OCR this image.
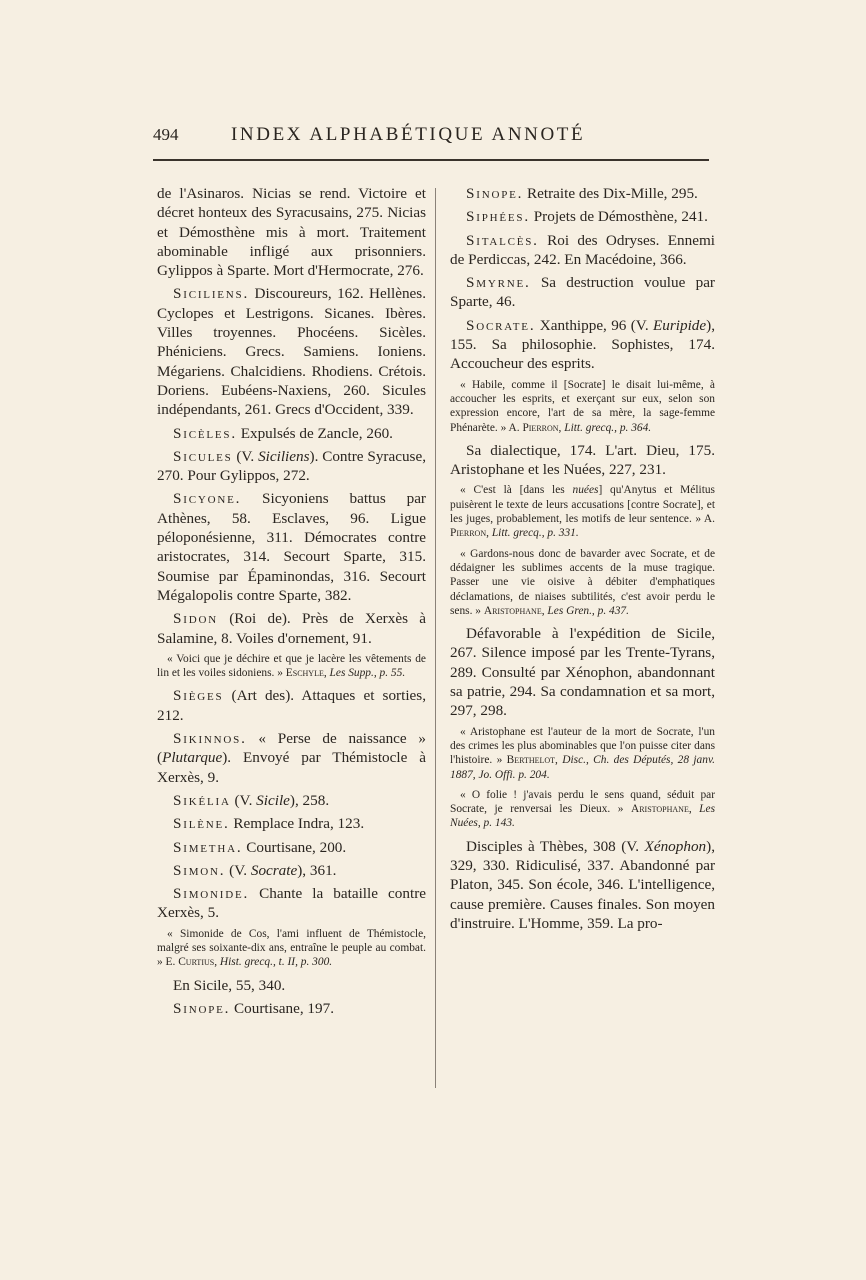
494	INDEX ALPHABÉTIQUE ANNOTÉ

de l'Asinaros. Nicias se rend. Victoire et décret honteux des Syracusains, 275. Nicias et Démosthène mis à mort. Traitement abominable infligé aux prisonniers. Gylippos à Sparte. Mort d'Hermocrate, 276.

Siciliens. Discoureurs, 162. Hellènes. Cyclopes et Lestrigons. Sicanes. Ibères. Villes troyennes. Phocéens. Sicèles. Phéniciens. Grecs. Samiens. Ioniens. Mégariens. Chalcidiens. Rhodiens. Crétois. Doriens. Eubéens-Naxiens, 260. Sicules indépendants, 261. Grecs d'Occident, 339.

Sicèles. Expulsés de Zancle, 260.

Sicules (V. Siciliens). Contre Syracuse, 270. Pour Gylippos, 272.

Sicyone. Sicyoniens battus par Athènes, 58. Esclaves, 96. Ligue péloponésienne, 311. Démocrates contre aristocrates, 314. Secourt Sparte, 315. Soumise par Épaminondas, 316. Secourt Mégalopolis contre Sparte, 382.

Sidon (Roi de). Près de Xerxès à Salamine, 8. Voiles d'ornement, 91.

« Voici que je déchire et que je lacère les vêtements de lin et les voiles sidoniens. » Eschyle, Les Supp., p. 55.

Sièges (Art des). Attaques et sorties, 212.

Sikinnos. « Perse de naissance » (Plutarque). Envoyé par Thémistocle à Xerxès, 9.

Sikélia (V. Sicile), 258.

Silène. Remplace Indra, 123.

Simetha. Courtisane, 200.

Simon. (V. Socrate), 361.

Simonide. Chante la bataille contre Xerxès, 5.

« Simonide de Cos, l'ami influent de Thémistocle, malgré ses soixante-dix ans, entraîne le peuple au combat. » E. Curtius, Hist. grecq., t. II, p. 300.

En Sicile, 55, 340.

Sinope. Courtisane, 197.

Sinope. Retraite des Dix-Mille, 295.

Siphées. Projets de Démosthène, 241.

Sitalcès. Roi des Odryses. Ennemi de Perdiccas, 242. En Macédoine, 366.

Smyrne. Sa destruction voulue par Sparte, 46.

Socrate. Xanthippe, 96 (V. Euripide), 155. Sa philosophie. Sophistes, 174. Accoucheur des esprits.

« Habile, comme il [Socrate] le disait lui-même, à accoucher les esprits, et exerçant sur eux, selon son expression encore, l'art de sa mère, la sage-femme Phénarète. » A. Pierron, Litt. grecq., p. 364.

Sa dialectique, 174. L'art. Dieu, 175. Aristophane et les Nuées, 227, 231.

« C'est là [dans les nuées] qu'Anytus et Mélitus puisèrent le texte de leurs accusations [contre Socrate], et les juges, probablement, les motifs de leur sentence. » A. Pierron, Litt. grecq., p. 331.

« Gardons-nous donc de bavarder avec Socrate, et de dédaigner les sublimes accents de la muse tragique. Passer une vie oisive à débiter d'emphatiques déclamations, de niaises subtilités, c'est avoir perdu le sens. » Aristophane, Les Gren., p. 437.

Défavorable à l'expédition de Sicile, 267. Silence imposé par les Trente-Tyrans, 289. Consulté par Xénophon, abandonnant sa patrie, 294. Sa condamnation et sa mort, 297, 298.

« Aristophane est l'auteur de la mort de Socrate, l'un des crimes les plus abominables que l'on puisse citer dans l'histoire. » Berthelot, Disc., Ch. des Députés, 28 janv. 1887, Jo. Offi. p. 204.

« O folie ! j'avais perdu le sens quand, séduit par Socrate, je renversai les Dieux. » Aristophane, Les Nuées, p. 143.

Disciples à Thèbes, 308 (V. Xénophon), 329, 330. Ridiculisé, 337. Abandonné par Platon, 345. Son école, 346. L'intelligence, cause première. Causes finales. Son moyen d'instruire. L'Homme, 359. La pro-
